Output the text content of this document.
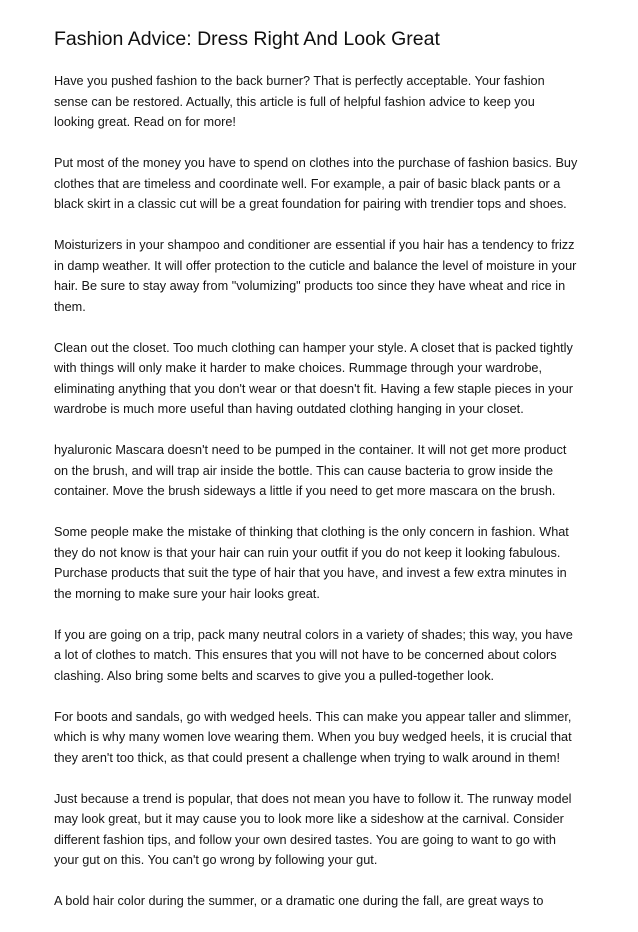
Fashion Advice: Dress Right And Look Great

Have you pushed fashion to the back burner? That is perfectly acceptable. Your fashion
sense can be restored. Actually, this article is full of helpful fashion advice to keep you
looking great. Read on for more!

Put most of the money you have to spend on clothes into the purchase of fashion basics. Buy
clothes that are timeless and coordinate well. For example, a pair of basic black pants or a
black skirt in a classic cut will be a great foundation for pairing with trendier tops and shoes.

Moisturizers in your shampoo and conditioner are essential if you hair has a tendency to frizz
in damp weather. It will offer protection to the cuticle and balance the level of moisture in your
hair. Be sure to stay away from "volumizing" products too since they have wheat and rice in
them.

Clean out the closet. Too much clothing can hamper your style. A closet that is packed tightly
with things will only make it harder to make choices. Rummage through your wardrobe,
eliminating anything that you don't wear or that doesn't fit. Having a few staple pieces in your
wardrobe is much more useful than having outdated clothing hanging in your closet.

hyaluronic Mascara doesn't need to be pumped in the container. It will not get more product
on the brush, and will trap air inside the bottle. This can cause bacteria to grow inside the
container. Move the brush sideways a little if you need to get more mascara on the brush.

Some people make the mistake of thinking that clothing is the only concern in fashion. What
they do not know is that your hair can ruin your outfit if you do not keep it looking fabulous.
Purchase products that suit the type of hair that you have, and invest a few extra minutes in
the morning to make sure your hair looks great.

If you are going on a trip, pack many neutral colors in a variety of shades; this way, you have
a lot of clothes to match. This ensures that you will not have to be concerned about colors
clashing. Also bring some belts and scarves to give you a pulled-together look.

For boots and sandals, go with wedged heels. This can make you appear taller and slimmer,
which is why many women love wearing them. When you buy wedged heels, it is crucial that
they aren't too thick, as that could present a challenge when trying to walk around in them!

Just because a trend is popular, that does not mean you have to follow it. The runway model
may look great, but it may cause you to look more like a sideshow at the carnival. Consider
different fashion tips, and follow your own desired tastes. You are going to want to go with
your gut on this. You can't go wrong by following your gut.

A bold hair color during the summer, or a dramatic one during the fall, are great ways to
